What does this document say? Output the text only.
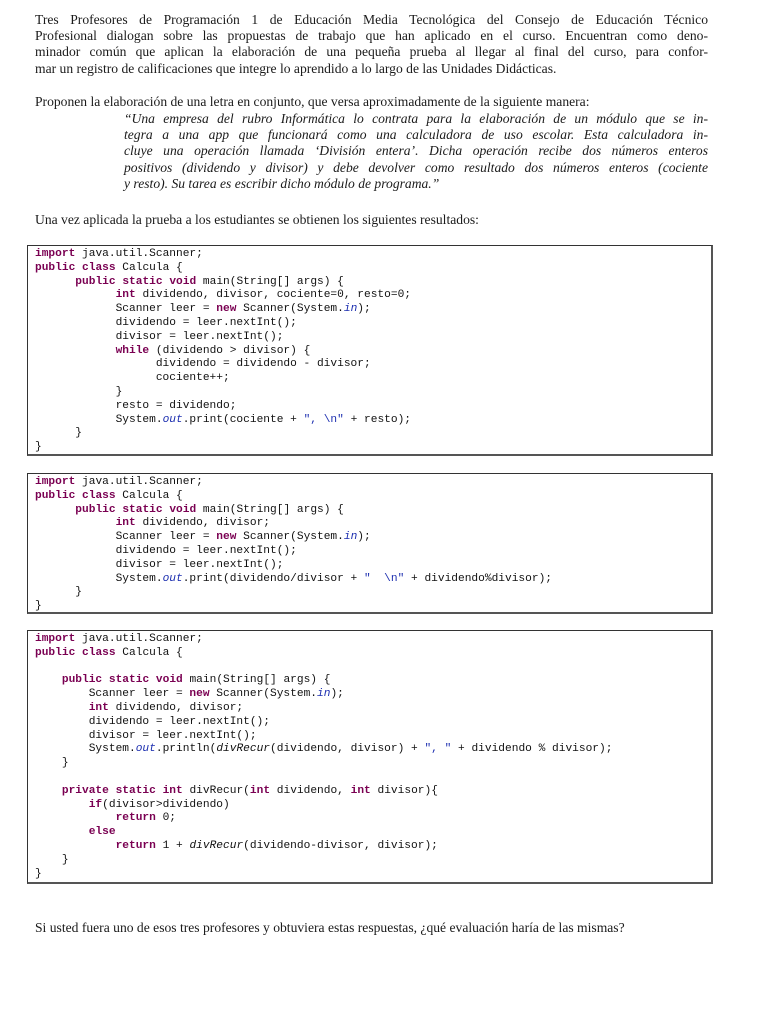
Tres Profesores de Programación 1 de Educación Media Tecnológica del Consejo de Educación Técnico
Profesional dialogan sobre las propuestas de trabajo que han aplicado en el curso. Encuentran como deno-
minador común que aplican la elaboración de una pequeña prueba al llegar al final del curso, para confor-
mar un registro de calificaciones que integre lo aprendido a lo largo de las Unidades Didácticas.
Proponen la elaboración de una letra en conjunto, que versa aproximadamente de la siguiente manera:
“Una empresa del rubro Informática lo contrata para la elaboración de un módulo que se in-
tegra a una app que funcionará como una calculadora de uso escolar. Esta calculadora in-
cluye una operación llamada ‘División entera’. Dicha operación recibe dos números enteros
positivos (dividendo y divisor) y debe devolver como resultado dos números enteros (cociente
y resto). Su tarea es escribir dicho módulo de programa.”
Una vez aplicada la prueba a los estudiantes se obtienen los siguientes resultados:
import java.util.Scanner;
public class Calcula {
public static void main(String[] args) {
int dividendo, divisor, cociente=0, resto=0;
Scanner leer = new Scanner(System.in);
dividendo = leer.nextInt();
divisor = leer.nextInt();
while (dividendo > divisor) {
dividendo = dividendo - divisor;
cociente++;
}
resto = dividendo;
System.out.print(cociente + ", \n" + resto);
}
}
import java.util.Scanner;
public class Calcula {
public static void main(String[] args) {
int dividendo, divisor;
Scanner leer = new Scanner(System.in);
dividendo = leer.nextInt();
divisor = leer.nextInt();
System.out.print(dividendo/divisor + "  \n" + dividendo%divisor);
}
}
import java.util.Scanner;
public class Calcula {

public static void main(String[] args) {
Scanner leer = new Scanner(System.in);
int dividendo, divisor;
dividendo = leer.nextInt();
divisor = leer.nextInt();
System.out.println(divRecur(dividendo, divisor) + ", " + dividendo % divisor);
}

private static int divRecur(int dividendo, int divisor){
if(divisor>dividendo)
return 0;
else
return 1 + divRecur(dividendo-divisor, divisor);
}
}
Si usted fuera uno de esos tres profesores y obtuviera estas respuestas, ¿qué evaluación haría de las mismas?
